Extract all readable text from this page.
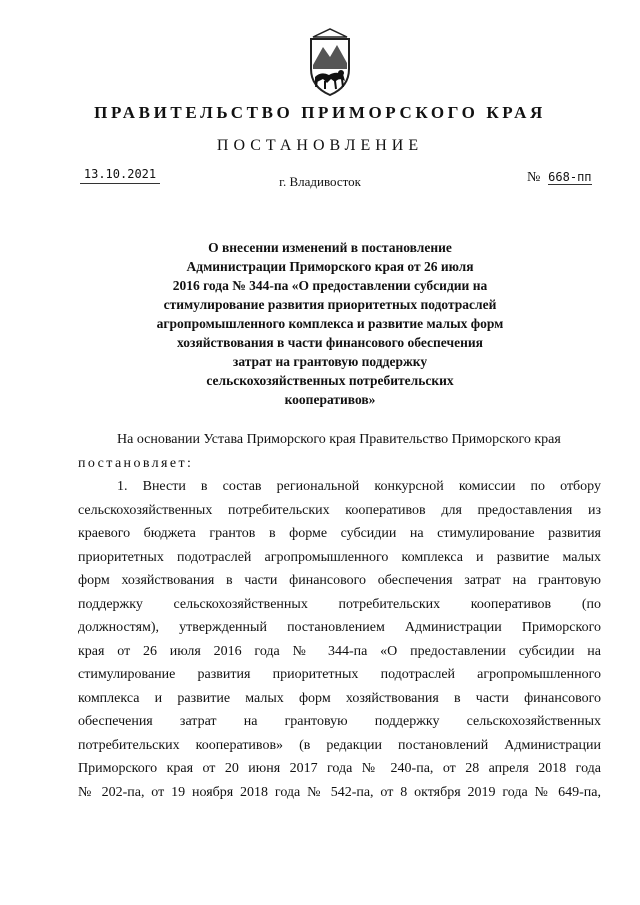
ПРАВИТЕЛЬСТВО ПРИМОРСКОГО КРАЯ
ПОСТАНОВЛЕНИЕ
13.10.2021	г. Владивосток	№ 668-пп
О внесении изменений в постановление
Администрации Приморского края от 26 июля
2016 года № 344-па «О предоставлении субсидии на
стимулирование развития приоритетных подотраслей
агропромышленного комплекса и развитие малых форм
хозяйствования в части финансового обеспечения
затрат на грантовую поддержку
сельскохозяйственных потребительских
кооперативов»
На основании Устава Приморского края Правительство Приморского края
постановляет:
1. Внести в состав региональной конкурсной комиссии по отбору
сельскохозяйственных потребительских кооперативов для предоставления из
краевого бюджета грантов в форме субсидии на стимулирование развития
приоритетных подотраслей агропромышленного комплекса и развитие малых
форм хозяйствования в части финансового обеспечения затрат на грантовую
поддержку сельскохозяйственных потребительских кооперативов (по
должностям), утвержденный постановлением Администрации Приморского
края от 26 июля 2016 года № 344-па «О предоставлении субсидии на
стимулирование развития приоритетных подотраслей агропромышленного
комплекса и развитие малых форм хозяйствования в части финансового
обеспечения затрат на грантовую поддержку сельскохозяйственных
потребительских кооперативов» (в редакции постановлений Администрации
Приморского края от 20 июня 2017 года № 240-па, от 28 апреля 2018 года
№ 202-па, от 19 ноября 2018 года № 542-па, от 8 октября 2019 года № 649-па,
